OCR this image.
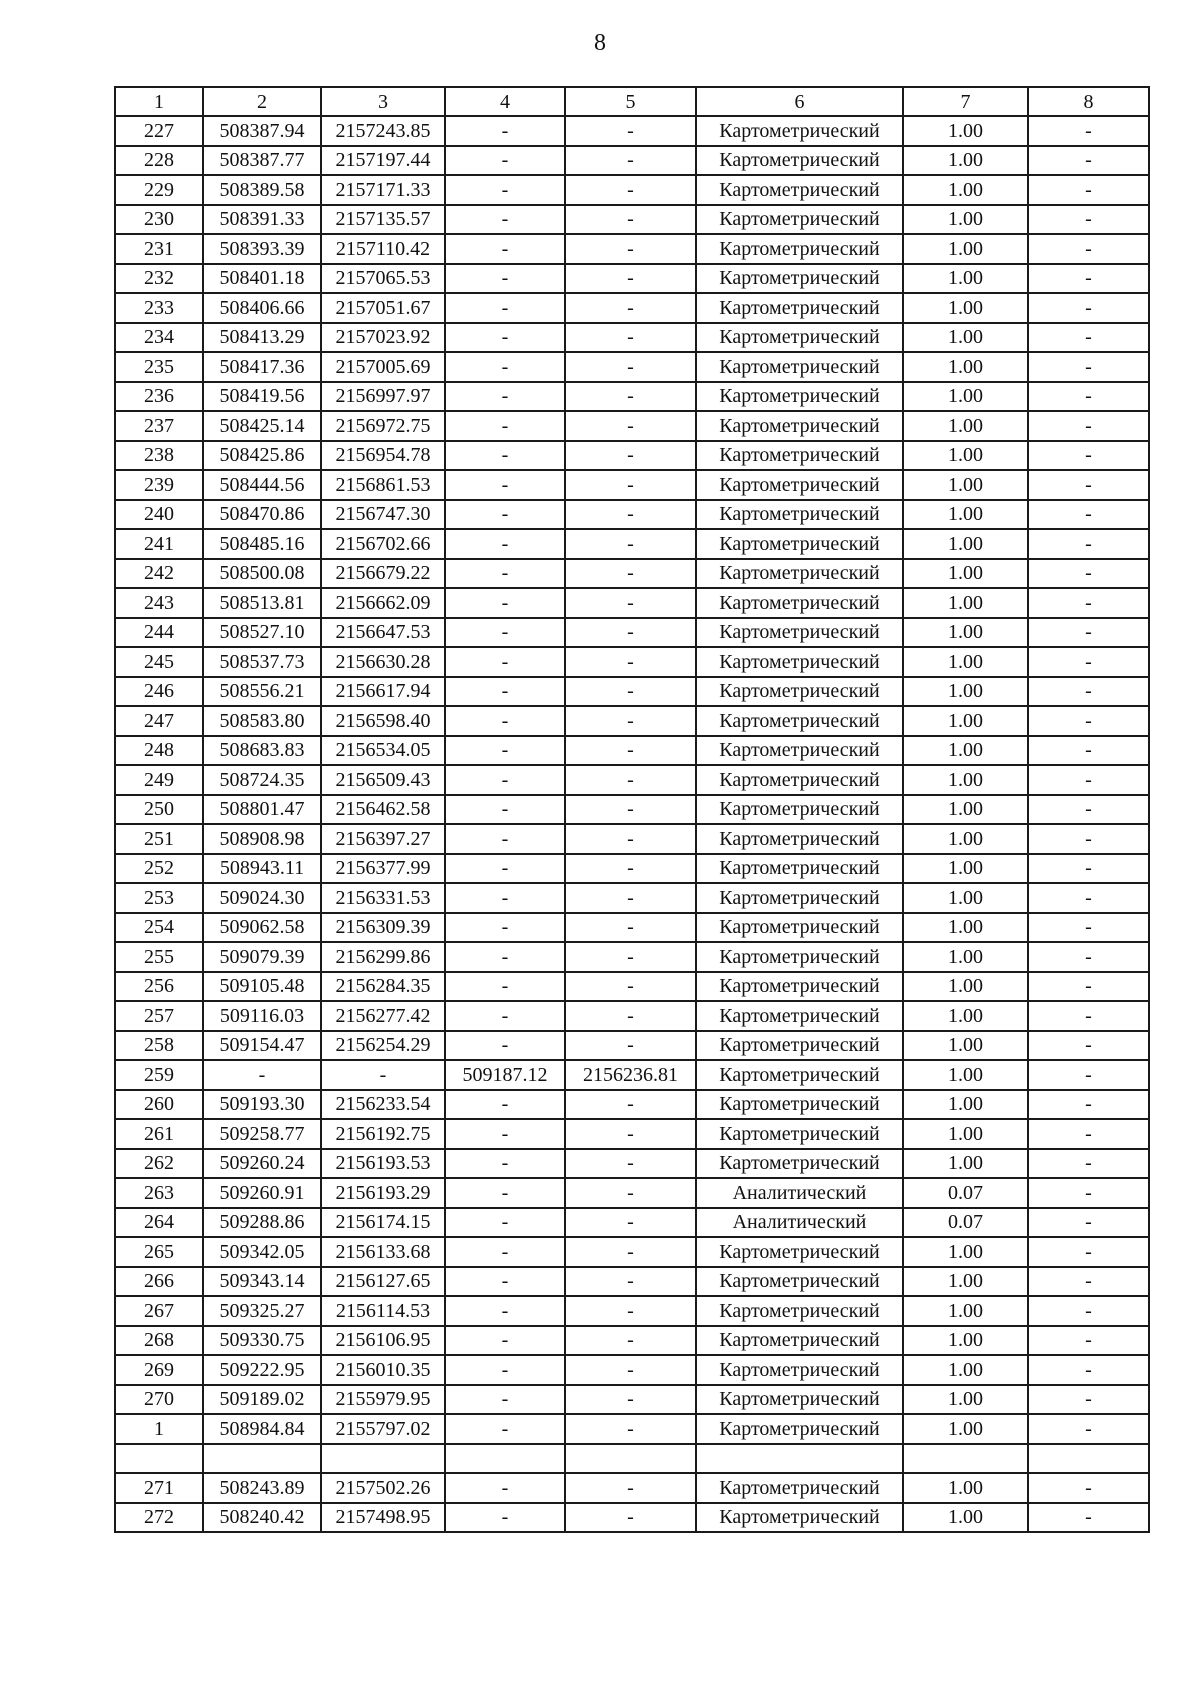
8
1	2	3	4	5	6	7	8
227	508387.94	2157243.85	-	-	Картометрический	1.00	-
228	508387.77	2157197.44	-	-	Картометрический	1.00	-
229	508389.58	2157171.33	-	-	Картометрический	1.00	-
230	508391.33	2157135.57	-	-	Картометрический	1.00	-
231	508393.39	2157110.42	-	-	Картометрический	1.00	-
232	508401.18	2157065.53	-	-	Картометрический	1.00	-
233	508406.66	2157051.67	-	-	Картометрический	1.00	-
234	508413.29	2157023.92	-	-	Картометрический	1.00	-
235	508417.36	2157005.69	-	-	Картометрический	1.00	-
236	508419.56	2156997.97	-	-	Картометрический	1.00	-
237	508425.14	2156972.75	-	-	Картометрический	1.00	-
238	508425.86	2156954.78	-	-	Картометрический	1.00	-
239	508444.56	2156861.53	-	-	Картометрический	1.00	-
240	508470.86	2156747.30	-	-	Картометрический	1.00	-
241	508485.16	2156702.66	-	-	Картометрический	1.00	-
242	508500.08	2156679.22	-	-	Картометрический	1.00	-
243	508513.81	2156662.09	-	-	Картометрический	1.00	-
244	508527.10	2156647.53	-	-	Картометрический	1.00	-
245	508537.73	2156630.28	-	-	Картометрический	1.00	-
246	508556.21	2156617.94	-	-	Картометрический	1.00	-
247	508583.80	2156598.40	-	-	Картометрический	1.00	-
248	508683.83	2156534.05	-	-	Картометрический	1.00	-
249	508724.35	2156509.43	-	-	Картометрический	1.00	-
250	508801.47	2156462.58	-	-	Картометрический	1.00	-
251	508908.98	2156397.27	-	-	Картометрический	1.00	-
252	508943.11	2156377.99	-	-	Картометрический	1.00	-
253	509024.30	2156331.53	-	-	Картометрический	1.00	-
254	509062.58	2156309.39	-	-	Картометрический	1.00	-
255	509079.39	2156299.86	-	-	Картометрический	1.00	-
256	509105.48	2156284.35	-	-	Картометрический	1.00	-
257	509116.03	2156277.42	-	-	Картометрический	1.00	-
258	509154.47	2156254.29	-	-	Картометрический	1.00	-
259	-	-	509187.12	2156236.81	Картометрический	1.00	-
260	509193.30	2156233.54	-	-	Картометрический	1.00	-
261	509258.77	2156192.75	-	-	Картометрический	1.00	-
262	509260.24	2156193.53	-	-	Картометрический	1.00	-
263	509260.91	2156193.29	-	-	Аналитический	0.07	-
264	509288.86	2156174.15	-	-	Аналитический	0.07	-
265	509342.05	2156133.68	-	-	Картометрический	1.00	-
266	509343.14	2156127.65	-	-	Картометрический	1.00	-
267	509325.27	2156114.53	-	-	Картометрический	1.00	-
268	509330.75	2156106.95	-	-	Картометрический	1.00	-
269	509222.95	2156010.35	-	-	Картометрический	1.00	-
270	509189.02	2155979.95	-	-	Картометрический	1.00	-
1	508984.84	2155797.02	-	-	Картометрический	1.00	-

271	508243.89	2157502.26	-	-	Картометрический	1.00	-
272	508240.42	2157498.95	-	-	Картометрический	1.00	-
